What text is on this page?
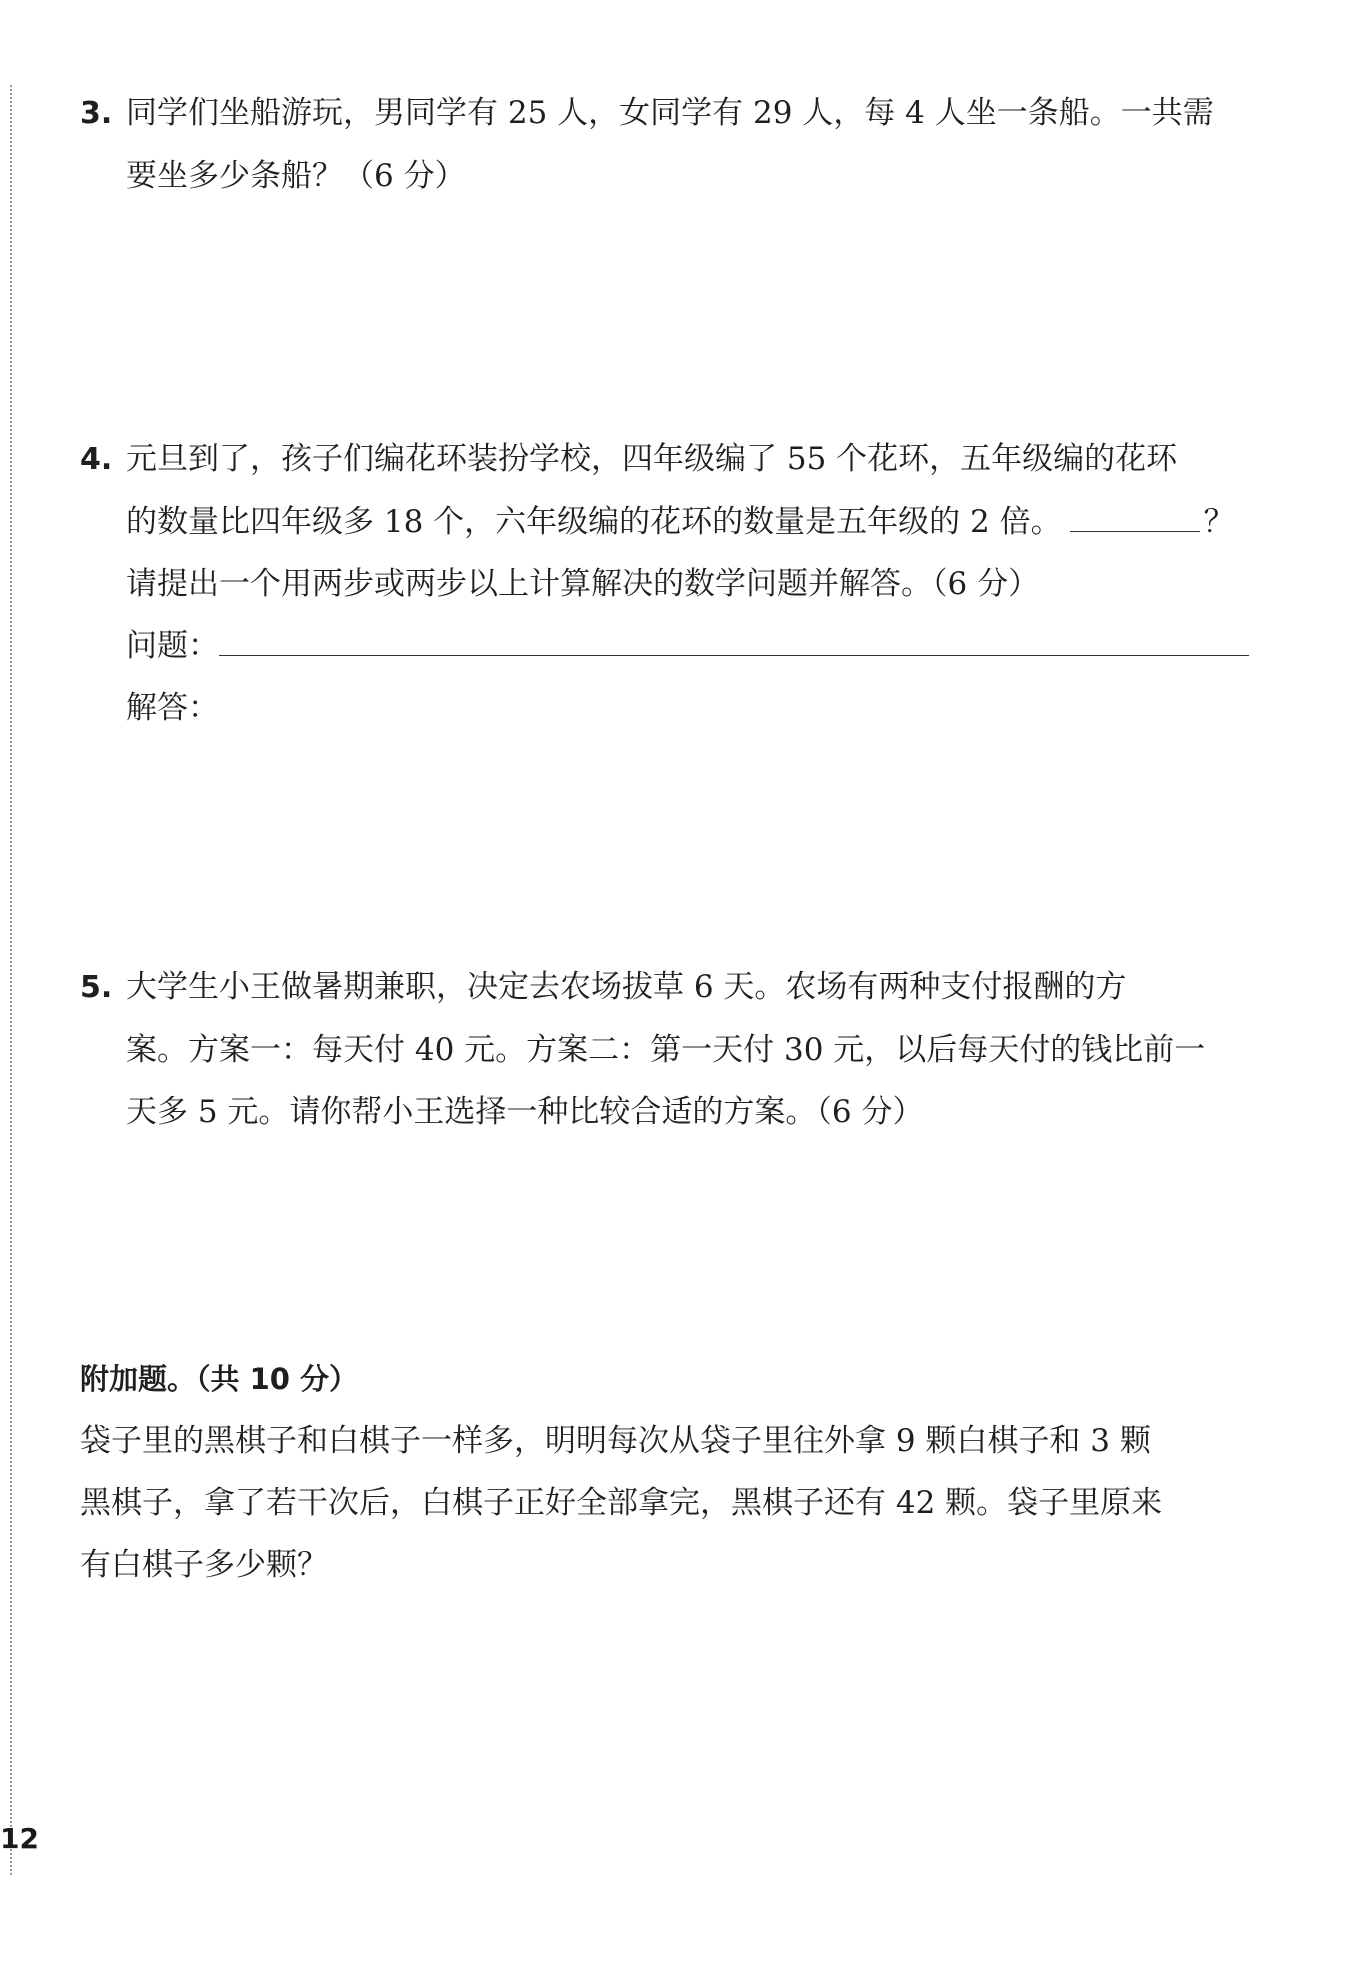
3. 同学们坐船游玩，男同学有 25 人，女同学有 29 人，每 4 人坐一条船。一共需
要坐多少条船？（6 分）
4. 元旦到了，孩子们编花环装扮学校，四年级编了 55 个花环，五年级编的花环
的数量比四年级多 18 个，六年级编的花环的数量是五年级的 2 倍。	？
请提出一个用两步或两步以上计算解决的数学问题并解答。（6 分）
问题：
解答：
5. 大学生小王做暑期兼职，决定去农场拔草 6 天。农场有两种支付报酬的方
案。方案一：每天付 40 元。方案二：第一天付 30 元，以后每天付的钱比前一
天多 5 元。请你帮小王选择一种比较合适的方案。（6 分）
附加题。（共 10 分）
袋子里的黑棋子和白棋子一样多，明明每次从袋子里往外拿 9 颗白棋子和 3 颗
黑棋子，拿了若干次后，白棋子正好全部拿完，黑棋子还有 42 颗。袋子里原来
有白棋子多少颗？
12
